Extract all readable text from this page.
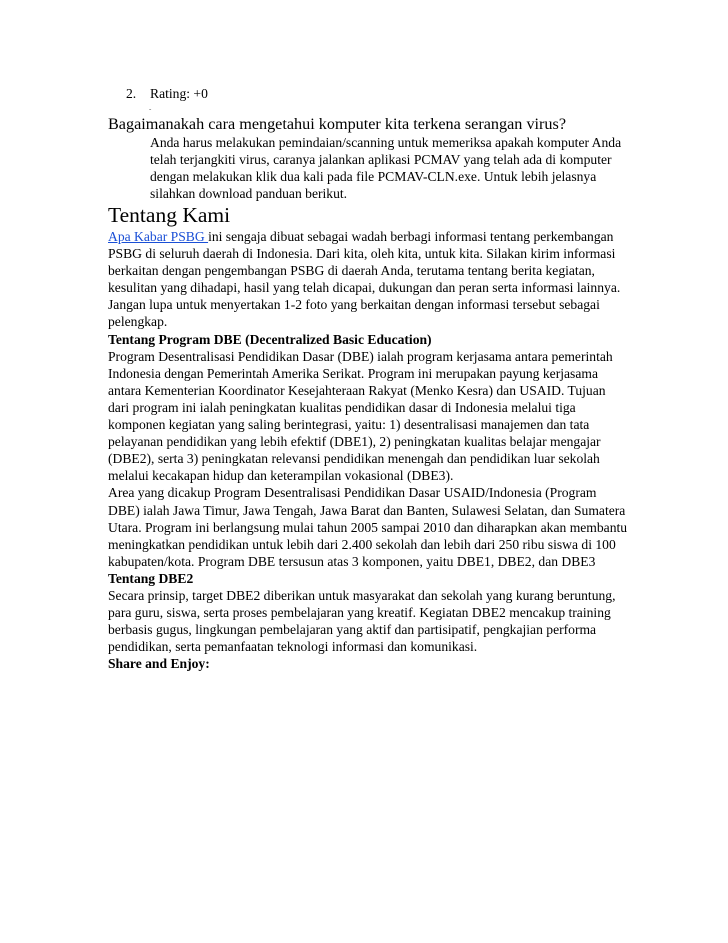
2. Rating: +0
-

Bagaimanakah cara mengetahui komputer kita terkena serangan virus?

Anda harus melakukan pemindaian/scanning untuk memeriksa apakah komputer Anda telah terjangkiti virus, caranya jalankan aplikasi PCMAV yang telah ada di komputer dengan melakukan klik dua kali pada file PCMAV-CLN.exe. Untuk lebih jelasnya silahkan download panduan berikut.

Tentang Kami

Apa Kabar PSBG ini sengaja dibuat sebagai wadah berbagi informasi tentang perkembangan PSBG di seluruh daerah di Indonesia. Dari kita, oleh kita, untuk kita. Silakan kirim informasi berkaitan dengan pengembangan PSBG di daerah Anda, terutama tentang berita kegiatan, kesulitan yang dihadapi, hasil yang telah dicapai, dukungan dan peran serta informasi lainnya. Jangan lupa untuk menyertakan 1-2 foto yang berkaitan dengan informasi tersebut sebagai pelengkap.

Tentang Program DBE (Decentralized Basic Education)

Program Desentralisasi Pendidikan Dasar (DBE) ialah program kerjasama antara pemerintah Indonesia dengan Pemerintah Amerika Serikat. Program ini merupakan payung kerjasama antara Kementerian Koordinator Kesejahteraan Rakyat (Menko Kesra) dan USAID. Tujuan dari program ini ialah peningkatan kualitas pendidikan dasar di Indonesia melalui tiga komponen kegiatan yang saling berintegrasi, yaitu: 1) desentralisasi manajemen dan tata pelayanan pendidikan yang lebih efektif (DBE1), 2) peningkatan kualitas belajar mengajar (DBE2), serta 3) peningkatan relevansi pendidikan menengah dan pendidikan luar sekolah melalui kecakapan hidup dan keterampilan vokasional (DBE3).

Area yang dicakup Program Desentralisasi Pendidikan Dasar USAID/Indonesia (Program DBE) ialah Jawa Timur, Jawa Tengah, Jawa Barat dan Banten, Sulawesi Selatan, dan Sumatera Utara. Program ini berlangsung mulai tahun 2005 sampai 2010 dan diharapkan akan membantu meningkatkan pendidikan untuk lebih dari 2.400 sekolah dan lebih dari 250 ribu siswa di 100 kabupaten/kota. Program DBE tersusun atas 3 komponen, yaitu DBE1, DBE2, dan DBE3

Tentang DBE2

Secara prinsip, target DBE2 diberikan untuk masyarakat dan sekolah yang kurang beruntung, para guru, siswa, serta proses pembelajaran yang kreatif. Kegiatan DBE2 mencakup training berbasis gugus, lingkungan pembelajaran yang aktif dan partisipatif, pengkajian performa pendidikan, serta pemanfaatan teknologi informasi dan komunikasi.

Share and Enjoy:
